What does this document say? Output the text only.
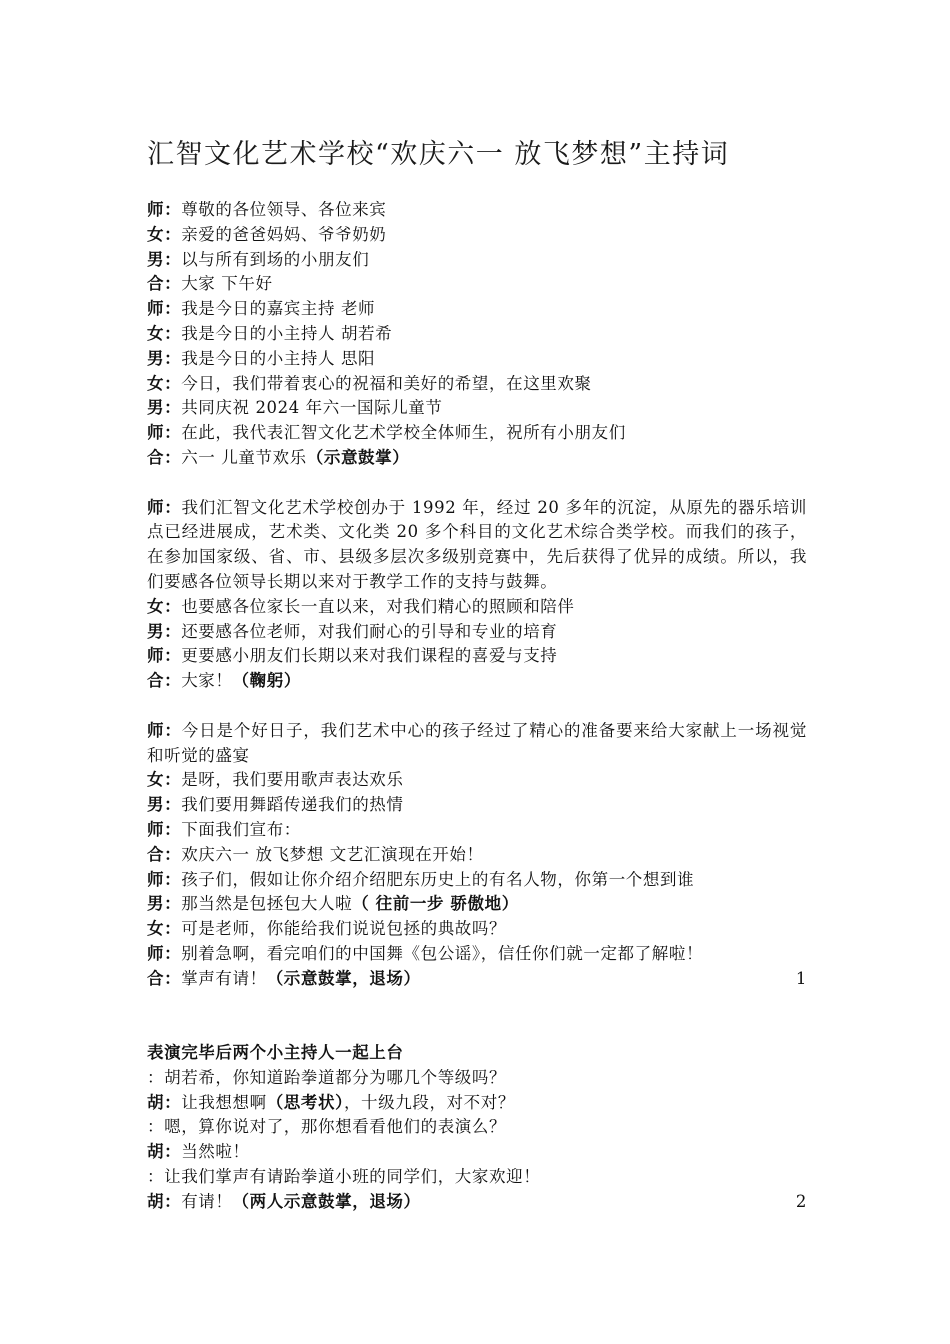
汇智文化艺术学校“欢庆六一 放飞梦想”主持词
师：尊敬的各位领导、各位来宾
女：亲爱的爸爸妈妈、爷爷奶奶
男：以与所有到场的小朋友们
合：大家 下午好
师：我是今日的嘉宾主持 老师
女：我是今日的小主持人 胡若希
男：我是今日的小主持人 思阳
女：今日，我们带着衷心的祝福和美好的希望，在这里欢聚
男：共同庆祝 2024 年六一国际儿童节
师：在此，我代表汇智文化艺术学校全体师生，祝所有小朋友们
合：六一 儿童节欢乐（示意鼓掌）
师：我们汇智文化艺术学校创办于 1992 年，经过 20 多年的沉淀，从原先的器乐培训点已经进展成，艺术类、文化类 20 多个科目的文化艺术综合类学校。而我们的孩子，在参加国家级、省、市、县级多层次多级别竞赛中，先后获得了优异的成绩。所以，我们要感各位领导长期以来对于教学工作的支持与鼓舞。
女：也要感各位家长一直以来，对我们精心的照顾和陪伴
男：还要感各位老师，对我们耐心的引导和专业的培育
师：更要感小朋友们长期以来对我们课程的喜爱与支持
合：大家！（鞠躬）
师：今日是个好日子，我们艺术中心的孩子经过了精心的准备要来给大家献上一场视觉和听觉的盛宴
女：是呀，我们要用歌声表达欢乐
男：我们要用舞蹈传递我们的热情
师：下面我们宣布：
合：欢庆六一 放飞梦想 文艺汇演现在开始！
师：孩子们，假如让你介绍介绍肥东历史上的有名人物，你第一个想到谁
男：那当然是包拯包大人啦（ 往前一步 骄傲地）
女：可是老师，你能给我们说说包拯的典故吗？
师：别着急啊，看完咱们的中国舞《包公谣》，信任你们就一定都了解啦！
合：掌声有请！（示意鼓掌，退场）	1
表演完毕后两个小主持人一起上台
：胡若希，你知道跆拳道都分为哪几个等级吗？
胡：让我想想啊（思考状），十级九段，对不对？
：嗯，算你说对了，那你想看看他们的表演么？
胡：当然啦！
：让我们掌声有请跆拳道小班的同学们，大家欢迎！
胡：有请！（两人示意鼓掌，退场）	2
